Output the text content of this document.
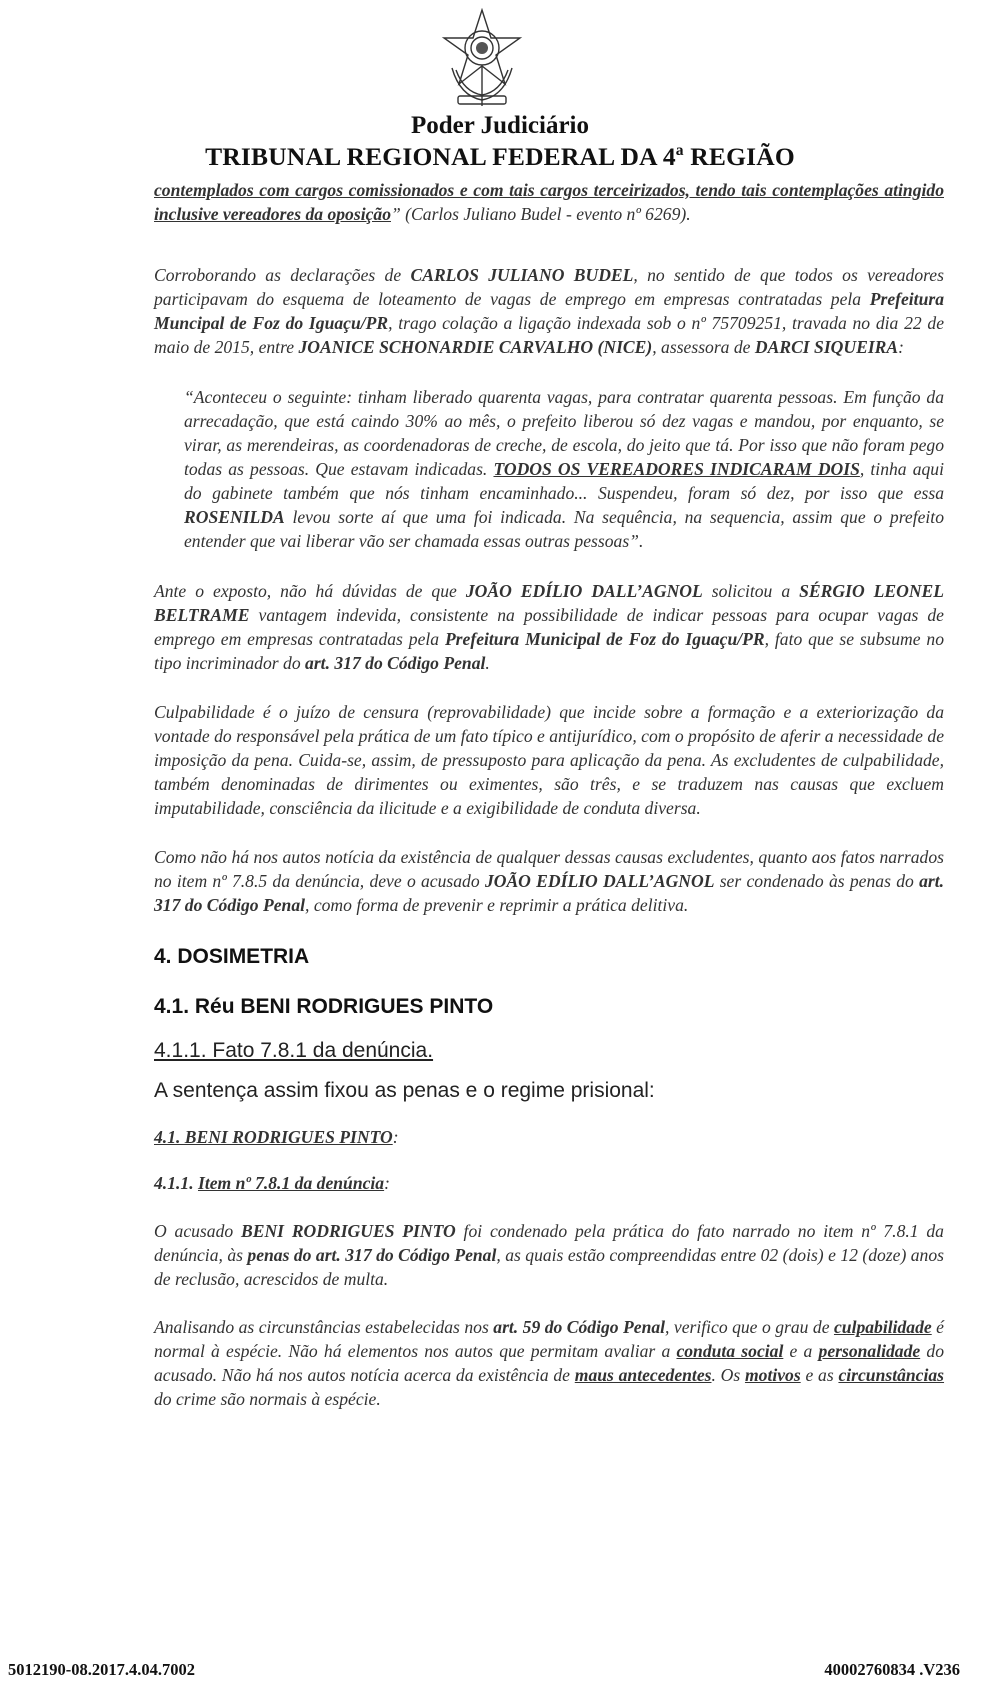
Poder Judiciário
TRIBUNAL REGIONAL FEDERAL DA 4ª REGIÃO

contemplados com cargos comissionados e com tais cargos terceirizados, tendo tais contemplações atingido inclusive vereadores da oposição” (Carlos Juliano Budel - evento nº 6269).

Corroborando as declarações de CARLOS JULIANO BUDEL, no sentido de que todos os vereadores participavam do esquema de loteamento de vagas de emprego em empresas contratadas pela Prefeitura Muncipal de Foz do Iguaçu/PR, trago colação a ligação indexada sob o nº 75709251, travada no dia 22 de maio de 2015, entre JOANICE SCHONARDIE CARVALHO (NICE), assessora de DARCI SIQUEIRA:

“Aconteceu o seguinte: tinham liberado quarenta vagas, para contratar quarenta pessoas. Em função da arrecadação, que está caindo 30% ao mês, o prefeito liberou só dez vagas e mandou, por enquanto, se virar, as merendeiras, as coordenadoras de creche, de escola, do jeito que tá. Por isso que não foram pego todas as pessoas. Que estavam indicadas. TODOS OS VEREADORES INDICARAM DOIS, tinha aqui do gabinete também que nós tinham encaminhado... Suspendeu, foram só dez, por isso que essa ROSENILDA levou sorte aí que uma foi indicada. Na sequência, na sequencia, assim que o prefeito entender que vai liberar vão ser chamada essas outras pessoas”.

Ante o exposto, não há dúvidas de que JOÃO EDÍLIO DALL’AGNOL solicitou a SÉRGIO LEONEL BELTRAME vantagem indevida, consistente na possibilidade de indicar pessoas para ocupar vagas de emprego em empresas contratadas pela Prefeitura Municipal de Foz do Iguaçu/PR, fato que se subsume no tipo incriminador do art. 317 do Código Penal.

Culpabilidade é o juízo de censura (reprovabilidade) que incide sobre a formação e a exteriorização da vontade do responsável pela prática de um fato típico e antijurídico, com o propósito de aferir a necessidade de imposição da pena. Cuida-se, assim, de pressuposto para aplicação da pena. As excludentes de culpabilidade, também denominadas de dirimentes ou eximentes, são três, e se traduzem nas causas que excluem imputabilidade, consciência da ilicitude e a exigibilidade de conduta diversa.

Como não há nos autos notícia da existência de qualquer dessas causas excludentes, quanto aos fatos narrados no item nº 7.8.5 da denúncia, deve o acusado JOÃO EDÍLIO DALL’AGNOL ser condenado às penas do art. 317 do Código Penal, como forma de prevenir e reprimir a prática delitiva.

4. DOSIMETRIA

4.1. Réu BENI RODRIGUES PINTO

4.1.1. Fato 7.8.1 da denúncia.

A sentença assim fixou as penas e o regime prisional:

4.1. BENI RODRIGUES PINTO:

4.1.1. Item nº 7.8.1 da denúncia:

O acusado BENI RODRIGUES PINTO foi condenado pela prática do fato narrado no item nº 7.8.1 da denúncia, às penas do art. 317 do Código Penal, as quais estão compreendidas entre 02 (dois) e 12 (doze) anos de reclusão, acrescidos de multa.

Analisando as circunstâncias estabelecidas nos art. 59 do Código Penal, verifico que o grau de culpabilidade é normal à espécie. Não há elementos nos autos que permitam avaliar a conduta social e a personalidade do acusado. Não há nos autos notícia acerca da existência de maus antecedentes. Os motivos e as circunstâncias do crime são normais à espécie.

5012190-08.2017.4.04.7002	40002760834 .V236
